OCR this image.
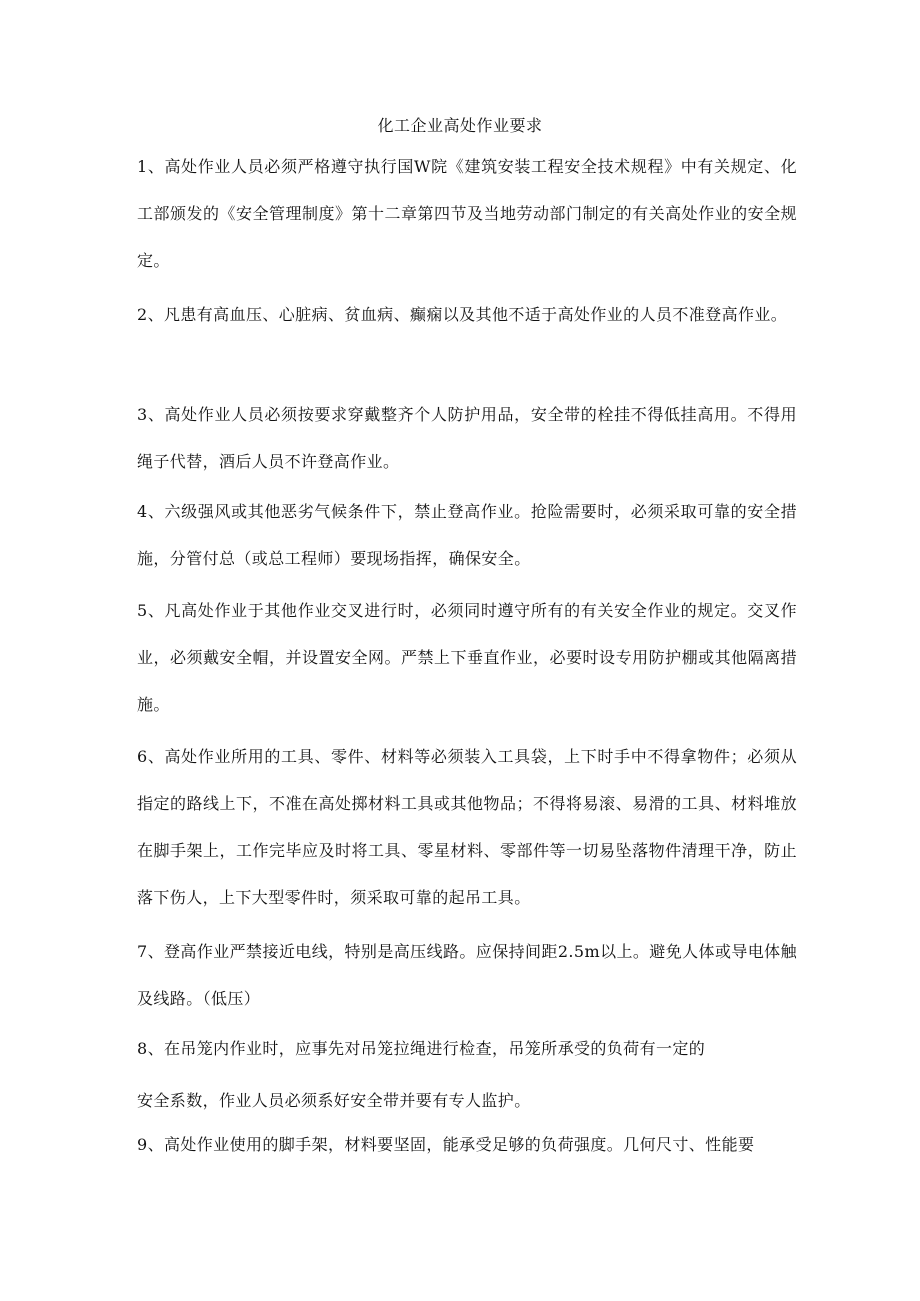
化工企业高处作业要求

1、高处作业人员必须严格遵守执行国W院《建筑安装工程安全技术规程》中有关规定、化工部颁发的《安全管理制度》第十二章第四节及当地劳动部门制定的有关高处作业的安全规定。

2、凡患有高血压、心脏病、贫血病、癫痫以及其他不适于高处作业的人员不准登高作业。

3、高处作业人员必须按要求穿戴整齐个人防护用品，安全带的栓挂不得低挂高用。不得用绳子代替，酒后人员不许登高作业。

4、六级强风或其他恶劣气候条件下，禁止登高作业。抢险需要时，必须采取可靠的安全措施，分管付总（或总工程师）要现场指挥，确保安全。

5、凡高处作业于其他作业交叉进行时，必须同时遵守所有的有关安全作业的规定。交叉作业，必须戴安全帽，并设置安全网。严禁上下垂直作业，必要时设专用防护棚或其他隔离措施。

6、高处作业所用的工具、零件、材料等必须装入工具袋，上下时手中不得拿物件；必须从指定的路线上下，不准在高处掷材料工具或其他物品；不得将易滚、易滑的工具、材料堆放在脚手架上，工作完毕应及时将工具、零星材料、零部件等一切易坠落物件清理干净，防止落下伤人，上下大型零件时，须采取可靠的起吊工具。

7、登高作业严禁接近电线，特别是高压线路。应保持间距2.5m以上。避免人体或导电体触及线路。（低压）

8、在吊笼内作业时，应事先对吊笼拉绳进行检查，吊笼所承受的负荷有一定的

安全系数，作业人员必须系好安全带并要有专人监护。

9、高处作业使用的脚手架，材料要坚固，能承受足够的负荷强度。几何尺寸、性能要
